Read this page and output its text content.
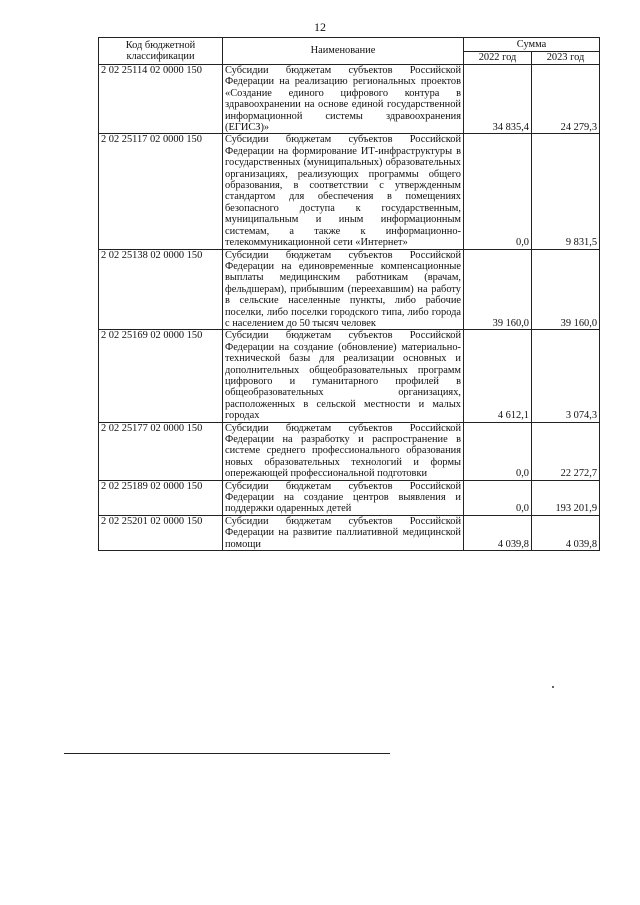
12
Код бюджетной классификации	Наименование	Сумма	
		2022 год	2023 год
2 02 25114 02 0000 150	Субсидии бюджетам субъектов Российской Федерации на реализацию региональных проектов «Создание единого цифрового контура в здравоохранении на основе единой государственной информационной системы здравоохранения (ЕГИСЗ)»	34 835,4	24 279,3
2 02 25117 02 0000 150	Субсидии бюджетам субъектов Российской Федерации на формирование ИТ-инфраструктуры в государственных (муниципальных) образовательных организациях, реализующих программы общего образования, в соответствии с утвержденным стандартом для обеспечения в помещениях безопасного доступа к государственным, муниципальным и иным информационным системам, а также к информационно-телекоммуникационной сети «Интернет»	0,0	9 831,5
2 02 25138 02 0000 150	Субсидии бюджетам субъектов Российской Федерации на единовременные компенсационные выплаты медицинским работникам (врачам, фельдшерам), прибывшим (переехавшим) на работу в сельские населенные пункты, либо рабочие поселки, либо поселки городского типа, либо города с населением до 50 тысяч человек	39 160,0	39 160,0
2 02 25169 02 0000 150	Субсидии бюджетам субъектов Российской Федерации на создание (обновление) материально-технической базы для реализации основных и дополнительных общеобразовательных программ цифрового и гуманитарного профилей в общеобразовательных организациях, расположенных в сельской местности и малых городах	4 612,1	3 074,3
2 02 25177 02 0000 150	Субсидии бюджетам субъектов Российской Федерации на разработку и распространение в системе среднего профессионального образования новых образовательных технологий и формы опережающей профессиональной подготовки	0,0	22 272,7
2 02 25189 02 0000 150	Субсидии бюджетам субъектов Российской Федерации на создание центров выявления и поддержки одаренных детей	0,0	193 201,9
2 02 25201 02 0000 150	Субсидии бюджетам субъектов Российской Федерации на развитие паллиативной медицинской помощи	4 039,8	4 039,8
